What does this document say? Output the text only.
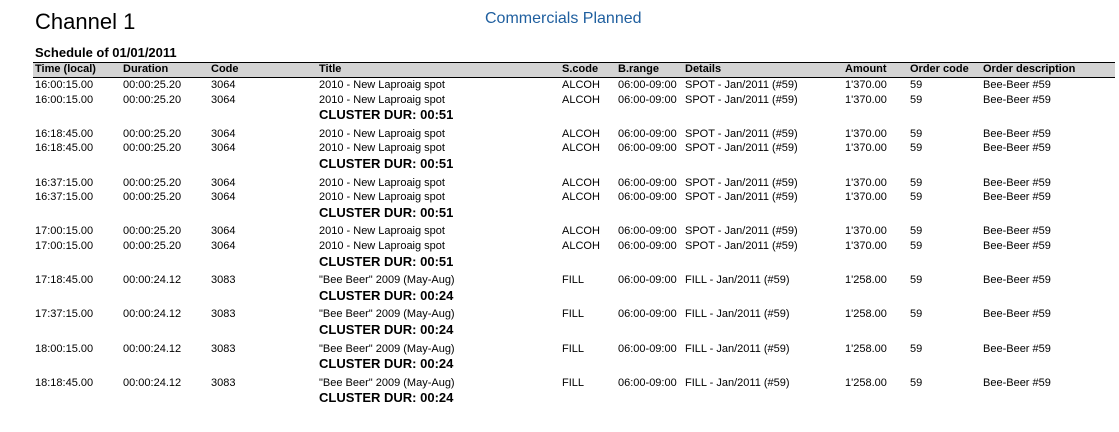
Channel 1	Commercials Planned
Schedule of 01/01/2011
Time (local) Duration	Code	Title	S.code B.range Details	Amount Order code Order description
16:00:15.00	00:00:25.20	3064	2010 - New Laproaig spot	ALCOH 06:00-09:00 SPOT - Jan/2011 (#59)	1'370.00 59	Bee-Beer #59
16:00:15.00	00:00:25.20	3064	2010 - New Laproaig spot	ALCOH 06:00-09:00 SPOT - Jan/2011 (#59)	1'370.00 59	Bee-Beer #59
CLUSTER DUR: 00:51
16:18:45.00	00:00:25.20	3064	2010 - New Laproaig spot	ALCOH 06:00-09:00 SPOT - Jan/2011 (#59)	1'370.00 59	Bee-Beer #59
16:18:45.00	00:00:25.20	3064	2010 - New Laproaig spot	ALCOH 06:00-09:00 SPOT - Jan/2011 (#59)	1'370.00 59	Bee-Beer #59
CLUSTER DUR: 00:51
16:37:15.00	00:00:25.20	3064	2010 - New Laproaig spot	ALCOH 06:00-09:00 SPOT - Jan/2011 (#59)	1'370.00 59	Bee-Beer #59
16:37:15.00	00:00:25.20	3064	2010 - New Laproaig spot	ALCOH 06:00-09:00 SPOT - Jan/2011 (#59)	1'370.00 59	Bee-Beer #59
CLUSTER DUR: 00:51
17:00:15.00	00:00:25.20	3064	2010 - New Laproaig spot	ALCOH 06:00-09:00 SPOT - Jan/2011 (#59)	1'370.00 59	Bee-Beer #59
17:00:15.00	00:00:25.20	3064	2010 - New Laproaig spot	ALCOH 06:00-09:00 SPOT - Jan/2011 (#59)	1'370.00 59	Bee-Beer #59
CLUSTER DUR: 00:51
17:18:45.00	00:00:24.12	3083	"Bee Beer" 2009 (May-Aug)	FILL	06:00-09:00 FILL - Jan/2011 (#59)	1'258.00 59	Bee-Beer #59
CLUSTER DUR: 00:24
17:37:15.00	00:00:24.12	3083	"Bee Beer" 2009 (May-Aug)	FILL	06:00-09:00 FILL - Jan/2011 (#59)	1'258.00 59	Bee-Beer #59
CLUSTER DUR: 00:24
18:00:15.00	00:00:24.12	3083	"Bee Beer" 2009 (May-Aug)	FILL	06:00-09:00 FILL - Jan/2011 (#59)	1'258.00 59	Bee-Beer #59
CLUSTER DUR: 00:24
18:18:45.00	00:00:24.12	3083	"Bee Beer" 2009 (May-Aug)	FILL	06:00-09:00 FILL - Jan/2011 (#59)	1'258.00 59	Bee-Beer #59
CLUSTER DUR: 00:24
